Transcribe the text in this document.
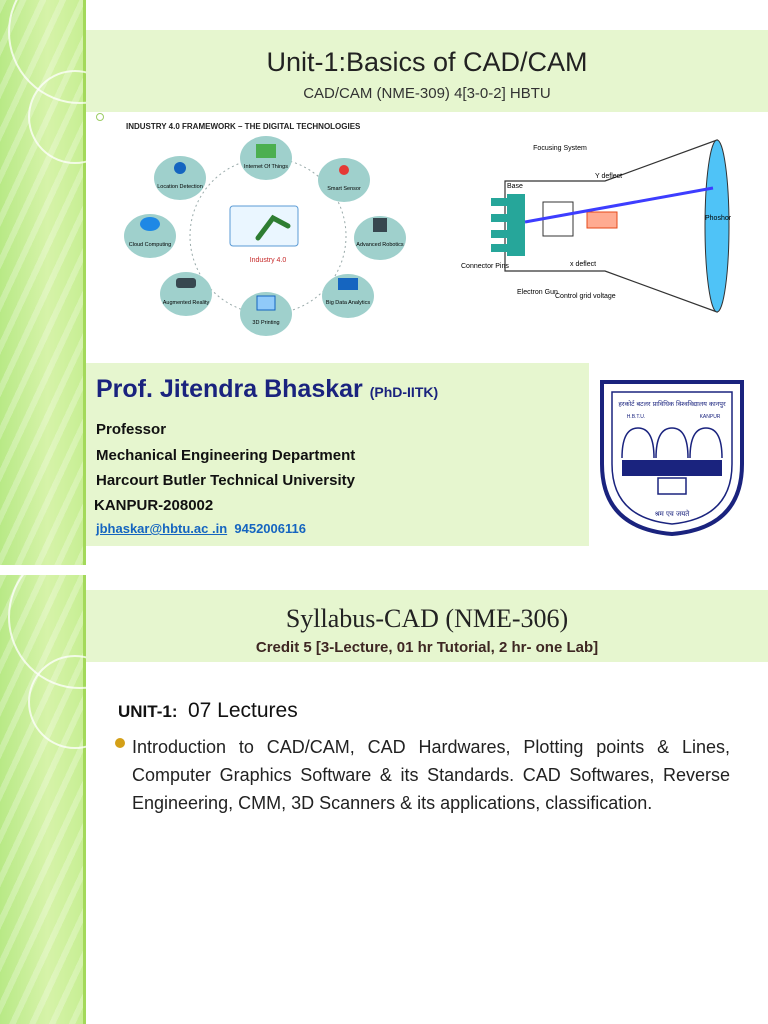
Unit-1:Basics of CAD/CAM
CAD/CAM (NME-309) 4[3-0-2] HBTU
INDUSTRY 4.0 FRAMEWORK – THE DIGITAL TECHNOLOGIES
Industry 4.0
Location Detection
Internet Of Things
Smart Sensor
Cloud Computing	Advanced Robotics
Augmented Reality
3D Printing
Big Data Analytics
Focusing System
Base
Y deflect
Phoshor
Connector Pins	x deflect
Electron Gun
Control grid voltage
Prof. Jitendra Bhaskar (PhD-IITK)
Professor
Mechanical Engineering Department
Harcourt Butler Technical University
KANPUR-208002
jbhaskar@hbtu.ac .in 9452006116
हरकोर्ट बटलर प्राविधिक विश्वविद्यालय कानपुर
H.B.T.U.	KANPUR
श्रम एव जयते
Syllabus-CAD (NME-306)
Credit 5 [3-Lecture, 01 hr Tutorial, 2 hr- one Lab]
UNIT-1: 07 Lectures
Introduction to CAD/CAM, CAD Hardwares, Plotting points & Lines, Computer Graphics Software & its Standards. CAD Softwares, Reverse Engineering, CMM, 3D Scanners & its applications, classification.
